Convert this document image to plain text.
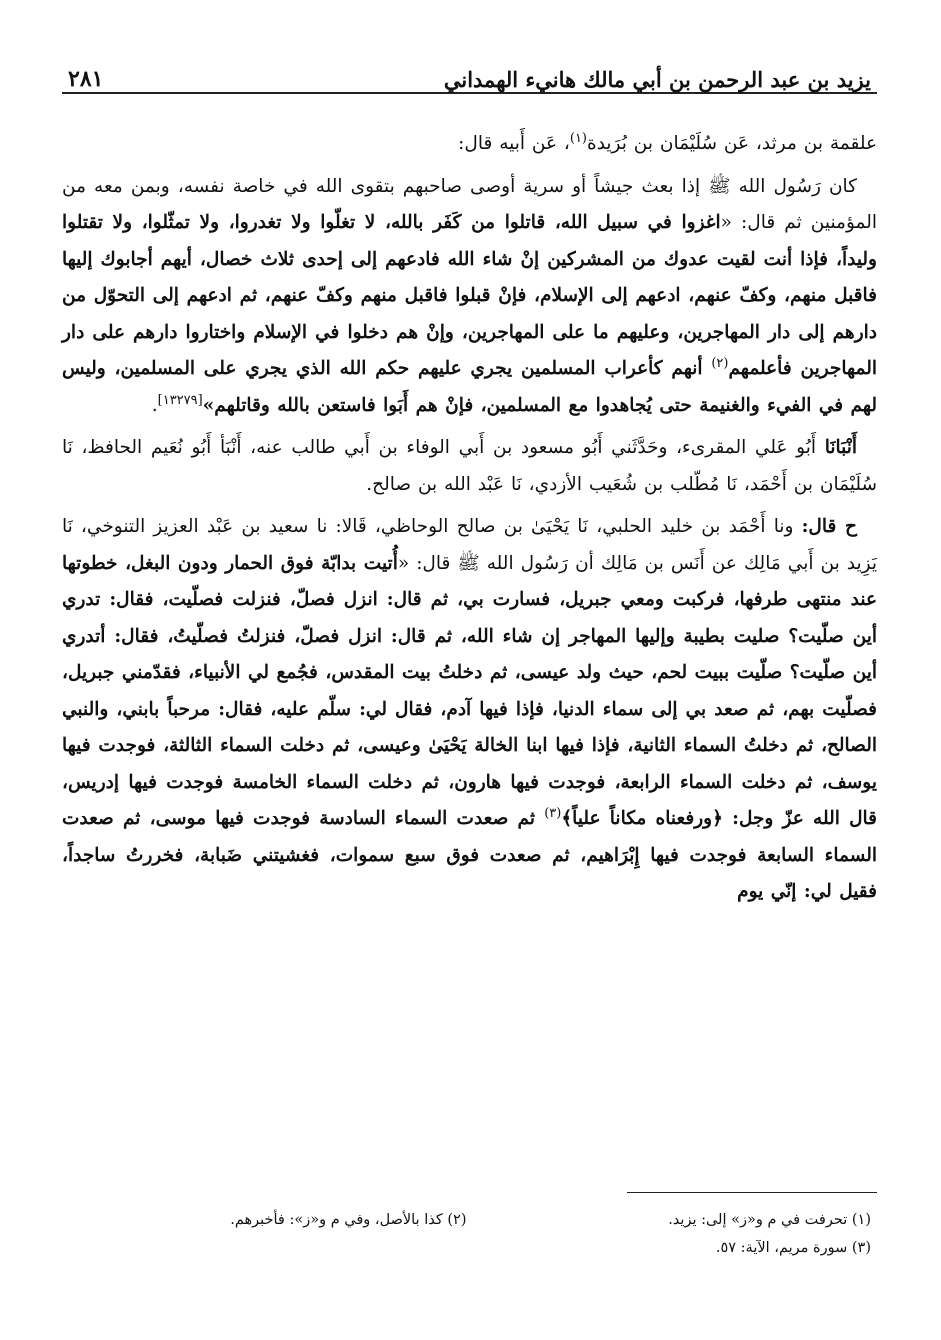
يزيد بن عبد الرحمن بن أبي مالك هانيء الهمداني
٢٨١

علقمة بن مرثد، عَن سُلَيْمَان بن بُرَيدة$^{(١)}$، عَن أَبيه قال:

كان رَسُول الله ﷺ إذا بعث جيشاً أو سرية أوصى صاحبهم بتقوى الله في خاصة نفسه، وبمن معه من المؤمنين ثم قال: «اغزوا في سبيل الله، قاتلوا من كَفَر بالله، لا تغلّوا ولا تغدروا، ولا تمثّلوا، ولا تقتلوا وليداً، فإذا أنت لقيت عدوك من المشركين إنْ شاء الله فادعهم إلى إحدى ثلاث خصال، أيهم أجابوك إليها فاقبل منهم، وكفّ عنهم، ادعهم إلى الإسلام، فإنْ قبلوا فاقبل منهم وكفّ عنهم، ثم ادعهم إلى التحوّل من دارهم إلى دار المهاجرين، وعليهم ما على المهاجرين، وإنْ هم دخلوا في الإسلام واختاروا دارهم على دار المهاجرين فأعلمهم$^{(٢)}$ أنهم كأعراب المسلمين يجري عليهم حكم الله الذي يجري على المسلمين، وليس لهم في الفيء والغنيمة حتى يُجاهدوا مع المسلمين، فإنْ هم أَبَوا فاستعن بالله وقاتلهم»[١٣٢٧٩].

أَنْبَانَا أَبُو عَلي المقرىء، وحَدَّثَني أَبُو مسعود بن أَبي الوفاء بن أَبي طالب عنه، أَنْبَأ أَبُو نُعَيم الحافظ، نَا سُلَيْمَان بن أَحْمَد، نَا مُطّلب بن شُعَيب الأزدي، نَا عَبْد الله بن صالح.

ح قال: ونا أَحْمَد بن خليد الحلبي، نَا يَحْيَىٰ بن صالح الوحاظي، قَالا: نا سعيد بن عَبْد العزيز التنوخي، نَا يَزِيد بن أَبي مَالِك عن أَنَس بن مَالِك أن رَسُول الله ﷺ قال: «أُتيت بدابّة فوق الحمار ودون البغل، خطوتها عند منتهى طرفها، فركبت ومعي جبريل، فسارت بي، ثم قال: انزل فصلّ، فنزلت فصلّيت، فقال: تدري أين صلّيت؟ صليت بطيبة وإليها المهاجر إن شاء الله، ثم قال: انزل فصلّ، فنزلتُ فصلّيتُ، فقال: أتدري أين صلّيت؟ صلّيت ببيت لحم، حيث ولد عيسى، ثم دخلتُ بيت المقدس، فجُمع لي الأنبياء، فقدّمني جبريل، فصلّيت بهم، ثم صعد بي إلى سماء الدنيا، فإذا فيها آدم، فقال لي: سلّم عليه، فقال: مرحباً بابني، والنبي الصالح، ثم دخلتُ السماء الثانية، فإذا فيها ابنا الخالة يَحْيَىٰ وعيسى، ثم دخلت السماء الثالثة، فوجدت فيها يوسف، ثم دخلت السماء الرابعة، فوجدت فيها هارون، ثم دخلت السماء الخامسة فوجدت فيها إدريس، قال الله عزّ وجل: ﴿ورفعناه مكاناً علياً﴾$^{(٣)}$ ثم صعدت السماء السادسة فوجدت فيها موسى، ثم صعدت السماء السابعة فوجدت فيها إِبْرَاهيم، ثم صعدت فوق سبع سموات، فغشيتني ضَبابة، فخررتُ ساجداً، فقيل لي: إنّي يوم

(١) تحرفت في م و«ز» إلى: يزيد.
(٢) كذا بالأصل، وفي م و«ز»: فأخبرهم.
(٣) سورة مريم، الآية: ٥٧.
